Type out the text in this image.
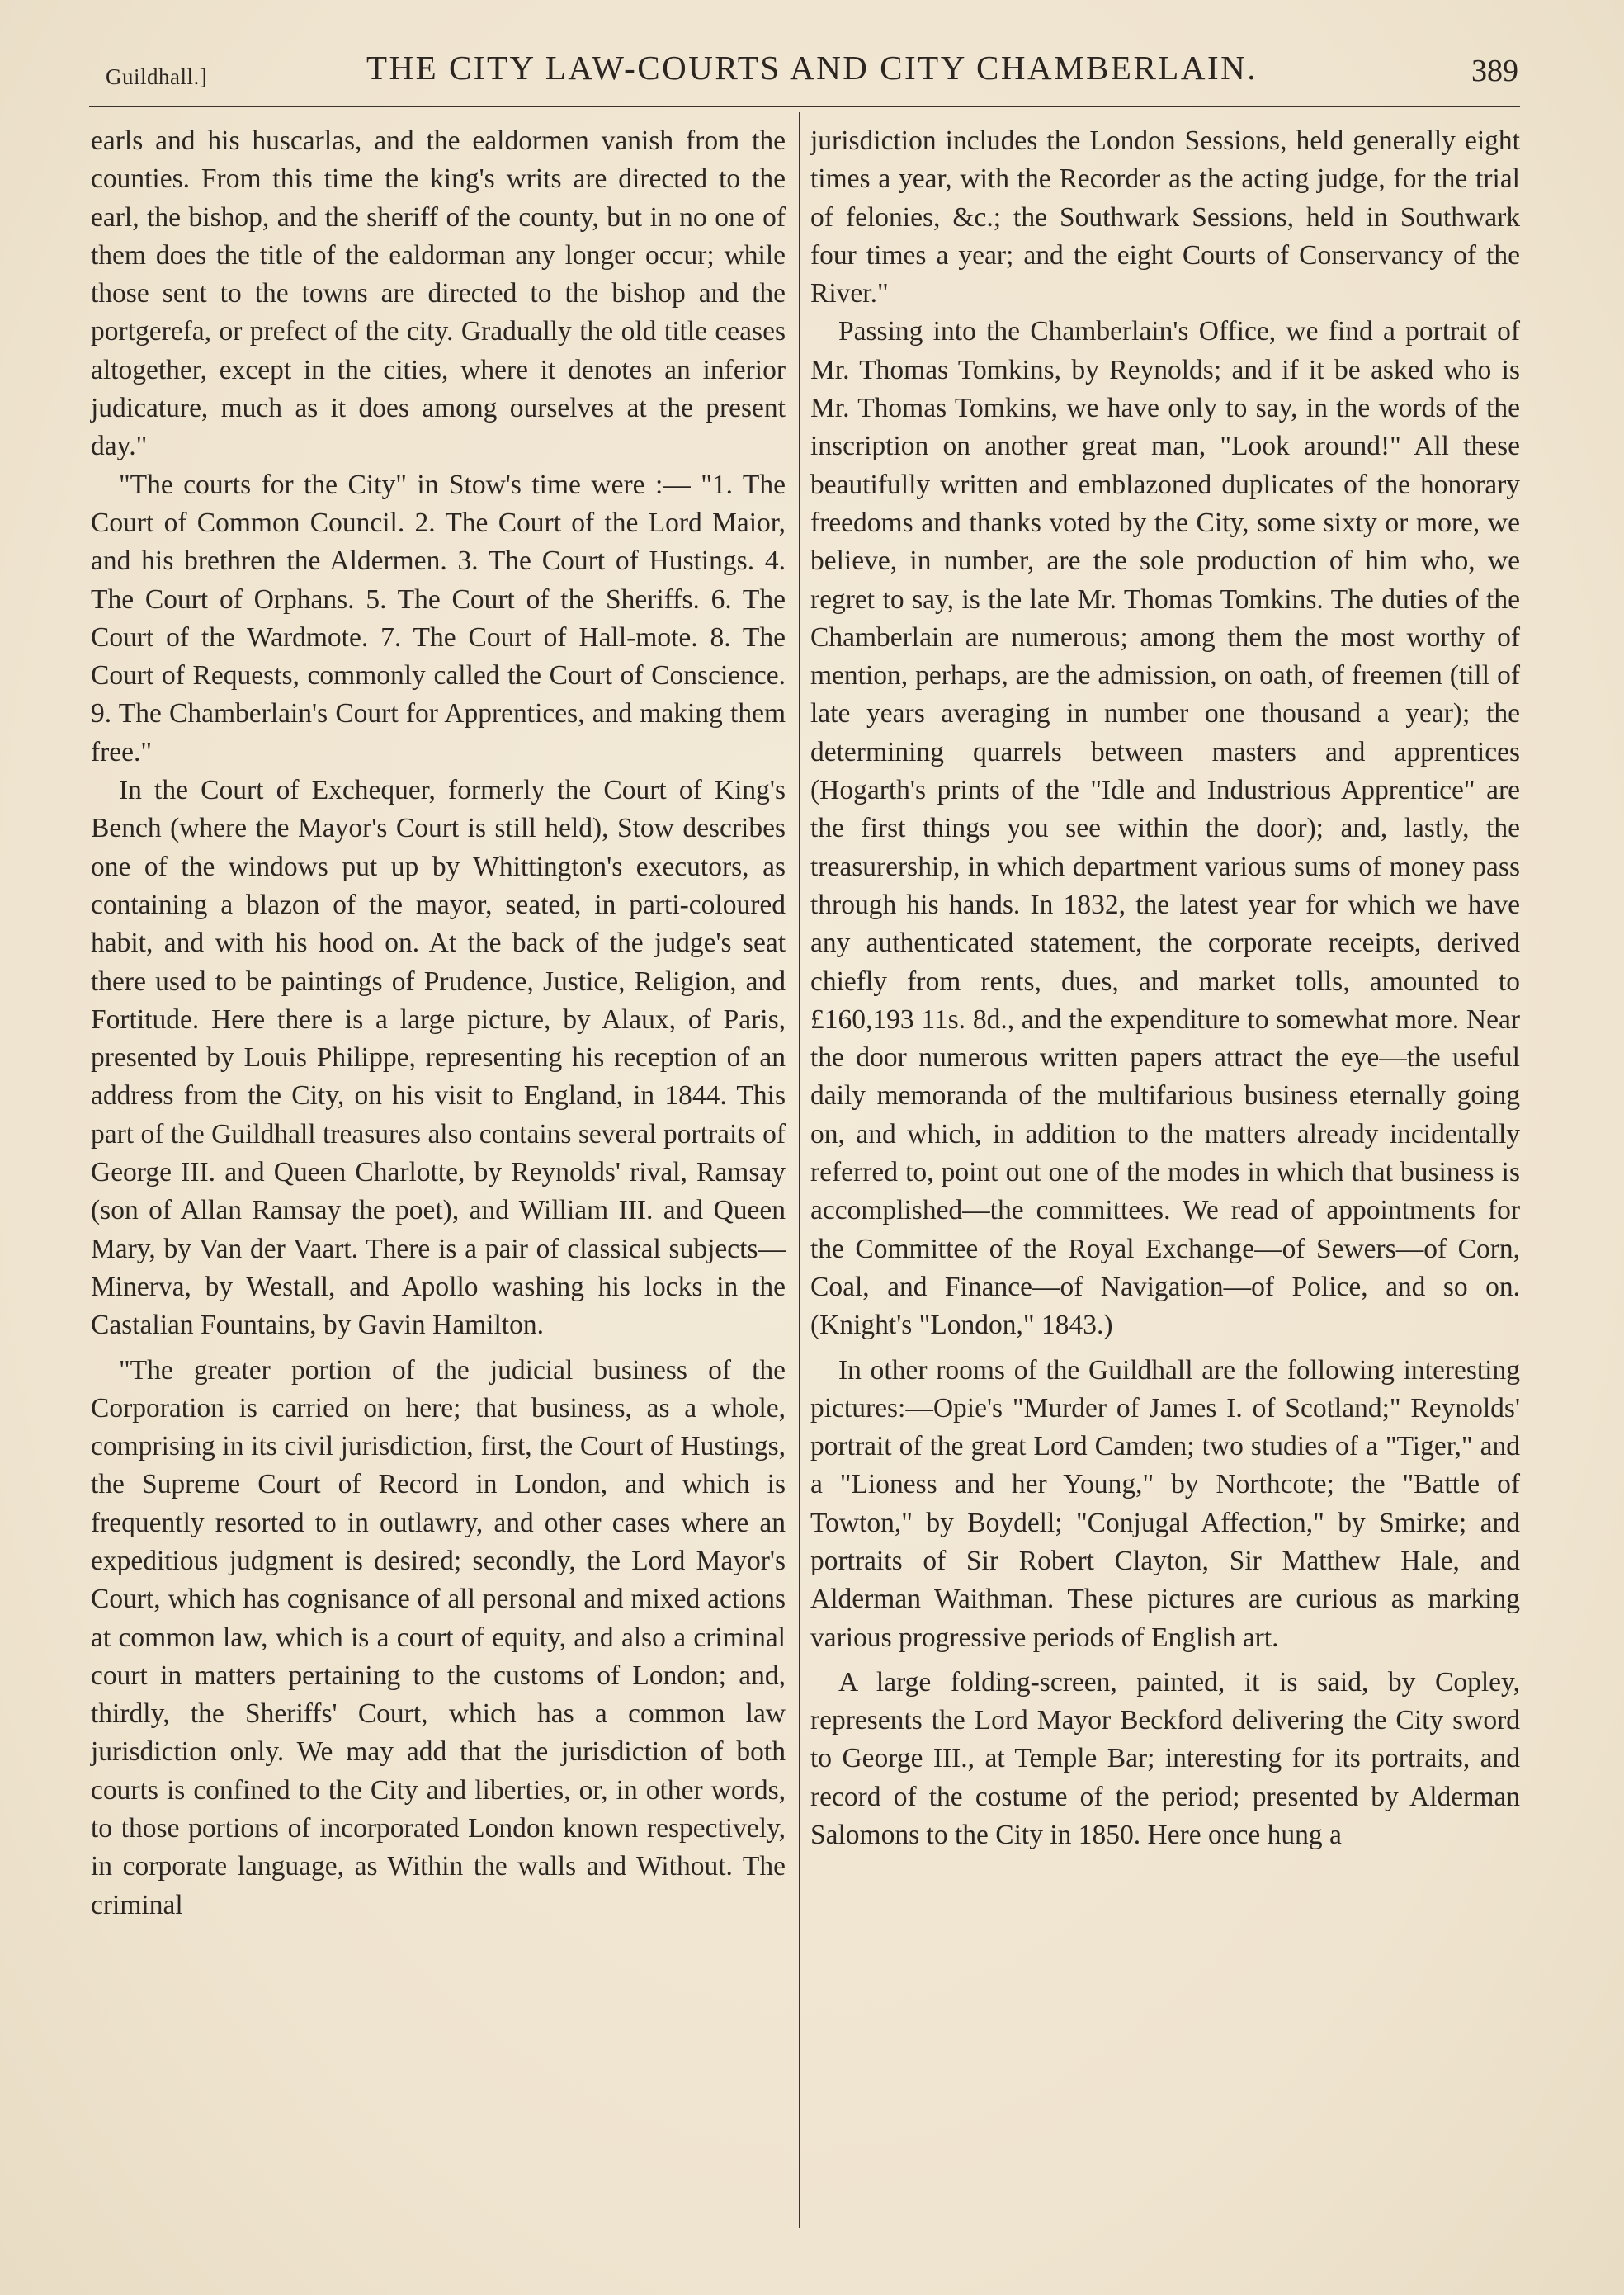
Guildhall.]	THE CITY LAW-COURTS AND CITY CHAMBERLAIN.	389

earls and his huscarlas, and the ealdormen vanish from the counties. From this time the king's writs are directed to the earl, the bishop, and the sheriff of the county, but in no one of them does the title of the ealdorman any longer occur; while those sent to the towns are directed to the bishop and the portgerefa, or prefect of the city. Gradually the old title ceases altogether, except in the cities, where it denotes an inferior judicature, much as it does among ourselves at the present day."

"The courts for the City" in Stow's time were :— "1. The Court of Common Council. 2. The Court of the Lord Maior, and his brethren the Aldermen. 3. The Court of Hustings. 4. The Court of Orphans. 5. The Court of the Sheriffs. 6. The Court of the Wardmote. 7. The Court of Hall-mote. 8. The Court of Requests, commonly called the Court of Conscience. 9. The Chamberlain's Court for Apprentices, and making them free."

In the Court of Exchequer, formerly the Court of King's Bench (where the Mayor's Court is still held), Stow describes one of the windows put up by Whittington's executors, as containing a blazon of the mayor, seated, in parti-coloured habit, and with his hood on. At the back of the judge's seat there used to be paintings of Prudence, Justice, Religion, and Fortitude. Here there is a large picture, by Alaux, of Paris, presented by Louis Philippe, representing his reception of an address from the City, on his visit to England, in 1844. This part of the Guildhall treasures also contains several portraits of George III. and Queen Charlotte, by Reynolds' rival, Ramsay (son of Allan Ramsay the poet), and William III. and Queen Mary, by Van der Vaart. There is a pair of classical subjects—Minerva, by Westall, and Apollo washing his locks in the Castalian Fountains, by Gavin Hamilton.

"The greater portion of the judicial business of the Corporation is carried on here; that business, as a whole, comprising in its civil jurisdiction, first, the Court of Hustings, the Supreme Court of Record in London, and which is frequently resorted to in outlawry, and other cases where an expeditious judgment is desired; secondly, the Lord Mayor's Court, which has cognisance of all personal and mixed actions at common law, which is a court of equity, and also a criminal court in matters pertaining to the customs of London; and, thirdly, the Sheriffs' Court, which has a common law jurisdiction only. We may add that the jurisdiction of both courts is confined to the City and liberties, or, in other words, to those portions of incorporated London known respectively, in corporate language, as Within the walls and Without. The criminal

jurisdiction includes the London Sessions, held generally eight times a year, with the Recorder as the acting judge, for the trial of felonies, &c.; the Southwark Sessions, held in Southwark four times a year; and the eight Courts of Conservancy of the River."

Passing into the Chamberlain's Office, we find a portrait of Mr. Thomas Tomkins, by Reynolds; and if it be asked who is Mr. Thomas Tomkins, we have only to say, in the words of the inscription on another great man, "Look around!" All these beautifully written and emblazoned duplicates of the honorary freedoms and thanks voted by the City, some sixty or more, we believe, in number, are the sole production of him who, we regret to say, is the late Mr. Thomas Tomkins. The duties of the Chamberlain are numerous; among them the most worthy of mention, perhaps, are the admission, on oath, of freemen (till of late years averaging in number one thousand a year); the determining quarrels between masters and apprentices (Hogarth's prints of the "Idle and Industrious Apprentice" are the first things you see within the door); and, lastly, the treasurership, in which department various sums of money pass through his hands. In 1832, the latest year for which we have any authenticated statement, the corporate receipts, derived chiefly from rents, dues, and market tolls, amounted to £160,193 11s. 8d., and the expenditure to somewhat more. Near the door numerous written papers attract the eye—the useful daily memoranda of the multifarious business eternally going on, and which, in addition to the matters already incidentally referred to, point out one of the modes in which that business is accomplished—the committees. We read of appointments for the Committee of the Royal Exchange—of Sewers—of Corn, Coal, and Finance—of Navigation—of Police, and so on. (Knight's "London," 1843.)

In other rooms of the Guildhall are the following interesting pictures:—Opie's "Murder of James I. of Scotland;" Reynolds' portrait of the great Lord Camden; two studies of a "Tiger," and a "Lioness and her Young," by Northcote; the "Battle of Towton," by Boydell; "Conjugal Affection," by Smirke; and portraits of Sir Robert Clayton, Sir Matthew Hale, and Alderman Waithman. These pictures are curious as marking various progressive periods of English art.

A large folding-screen, painted, it is said, by Copley, represents the Lord Mayor Beckford delivering the City sword to George III., at Temple Bar; interesting for its portraits, and record of the costume of the period; presented by Alderman Salomons to the City in 1850. Here once hung a
